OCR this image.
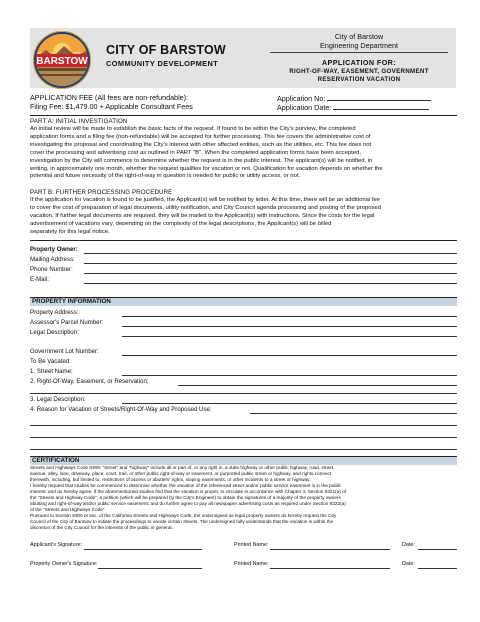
BARSTOW
CITY OF BARSTOW
COMMUNITY DEVELOPMENT
City of Barstow
Engineering Department
APPLICATION FOR:
RIGHT-OF-WAY, EASEMENT, GOVERNMENT
RESERVATION VACATION
APPLICATION FEE (All fees are non-refundable):
Filing Fee: $1,479.00 + Applicable Consultant Fees
Application No:
Application Date:
PART A: INITIAL INVESTIGATION
An initial review will be made to establish the basic facts of the request. If found to be within the City's purview, the completed
application forms and a filing fee (non-refundable) will be accepted for further processing. This fee covers the administrative cost of
investigating the proposal and coordinating the City's interest with other affected entities, such as the utilities, etc. This fee does not
cover the processing and advertising cost as outlined in PART "B". When the completed application forms have been accepted,
investigation by the City will commence to determine whether the request is in the public interest. The applicant(s) will be notified, in
writing, in approximately one month, whether the request qualifies for vacation or not. Qualification for vacation depends on whether the
potential and future necessity of the right-of-way in question is needed for public or utility access, or not.
PART B: FURTHER PROCESSING PROCEDURE
If the application for vacation is found to be justified, the Applicant(s) will be notified by letter. At this time, there will be an additional fee
to cover the cost of preparation of legal documents, utility notification, and City Council agenda processing and posting of the proposed
vacation. If further legal documents are required, they will be mailed to the Applicant(s) with instructions. Since the costs for the legal
advertisement of vacations vary, depending on the complexity of the legal descriptions, the Applicant(s) will be billed
separately for this legal notice.
Property Owner:
Mailing Address:
Phone Number:
E-Mail:
PROPERTY INFORMATION
Property Address:
Assessor's Parcel Number:
Legal Description:
Government Lot Number:
To Be Vacated:
1. Street Name:
2. Right-Of-Way, Easement, or Reservation:
3. Legal Description:
4. Reason for Vacation of Streets/Right-Of-Way and Proposed Use:
CERTIFICATION
Streets and Highways Code 8308: "Street" and "highway" include all or part of, or any right in, a state highway or other public highway, road, street,
avenue, alley, lane, driveway, place, court, trail, or other public right-of-way or easement, or purported public street or highway, and rights connect
therewith, including, but limited to, restrictions of access or abutters' rights, sloping easements, or other incidents to a street or highway.
I hereby request that studies be commenced to determine whether the vacation of the referenced street and/or public service easement is in the public
interest; and do hereby agree, if the aforementioned studies find that the vacation is proper, to circulate in accordance with Chapter 3, Section 8321(a) of
the "Streets and Highway Code", a petition (which will be prepared by the City's Engineer) to obtain the signatures of a majority of the property owners
abutting and right-of-way and/or public service easement; and do further agree to pay all newspaper advertising costs as required under Section 8322(a)
of the "Streets and Highways Code".
Pursuant to Section 8300 et sec. of the California Streets and Highways Code, the undersigned as legal property owners do hereby request the City
Council of the City of Barstow to initiate the proceedings to vacate certain streets. The undersigned fully understands that the vacation is within the
discretion of the City Council for the interests of the public in general.
Applicant's Signature:	Printed Name:	Date:
Property Owner's Signature:	Printed Name:	Date:
